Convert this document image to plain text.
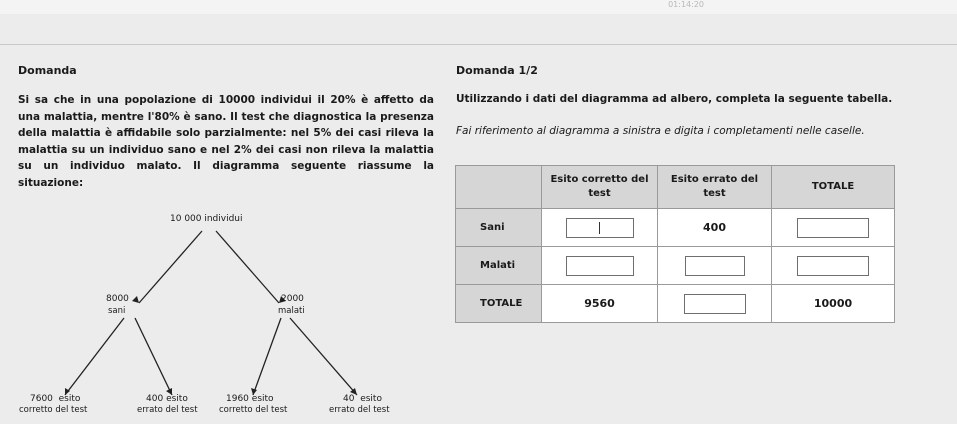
01:14:20
Domanda
Si sa che in una popolazione di 10000 individui il 20% è affetto da una malattia, mentre l'80% è sano. Il test che diagnostica la presenza della malattia è affidabile solo parzialmente: nel 5% dei casi rileva la malattia su un individuo sano e nel 2% dei casi non rileva la malattia su un individuo malato. Il diagramma seguente riassume la situazione:
10 000 individui
8000
sani
2000
malati
7600 esito
corretto del test
400 esito
errato del test
1960 esito
corretto del test
40 esito
errato del test
Domanda 1/2
Utilizzando i dati del diagramma ad albero, completa la seguente tabella.
Fai riferimento al diagramma a sinistra e digita i completamenti nelle caselle.
	Esito corretto del test	Esito errato del test	TOTALE
Sani		400	
Malati			
TOTALE	9560		10000
